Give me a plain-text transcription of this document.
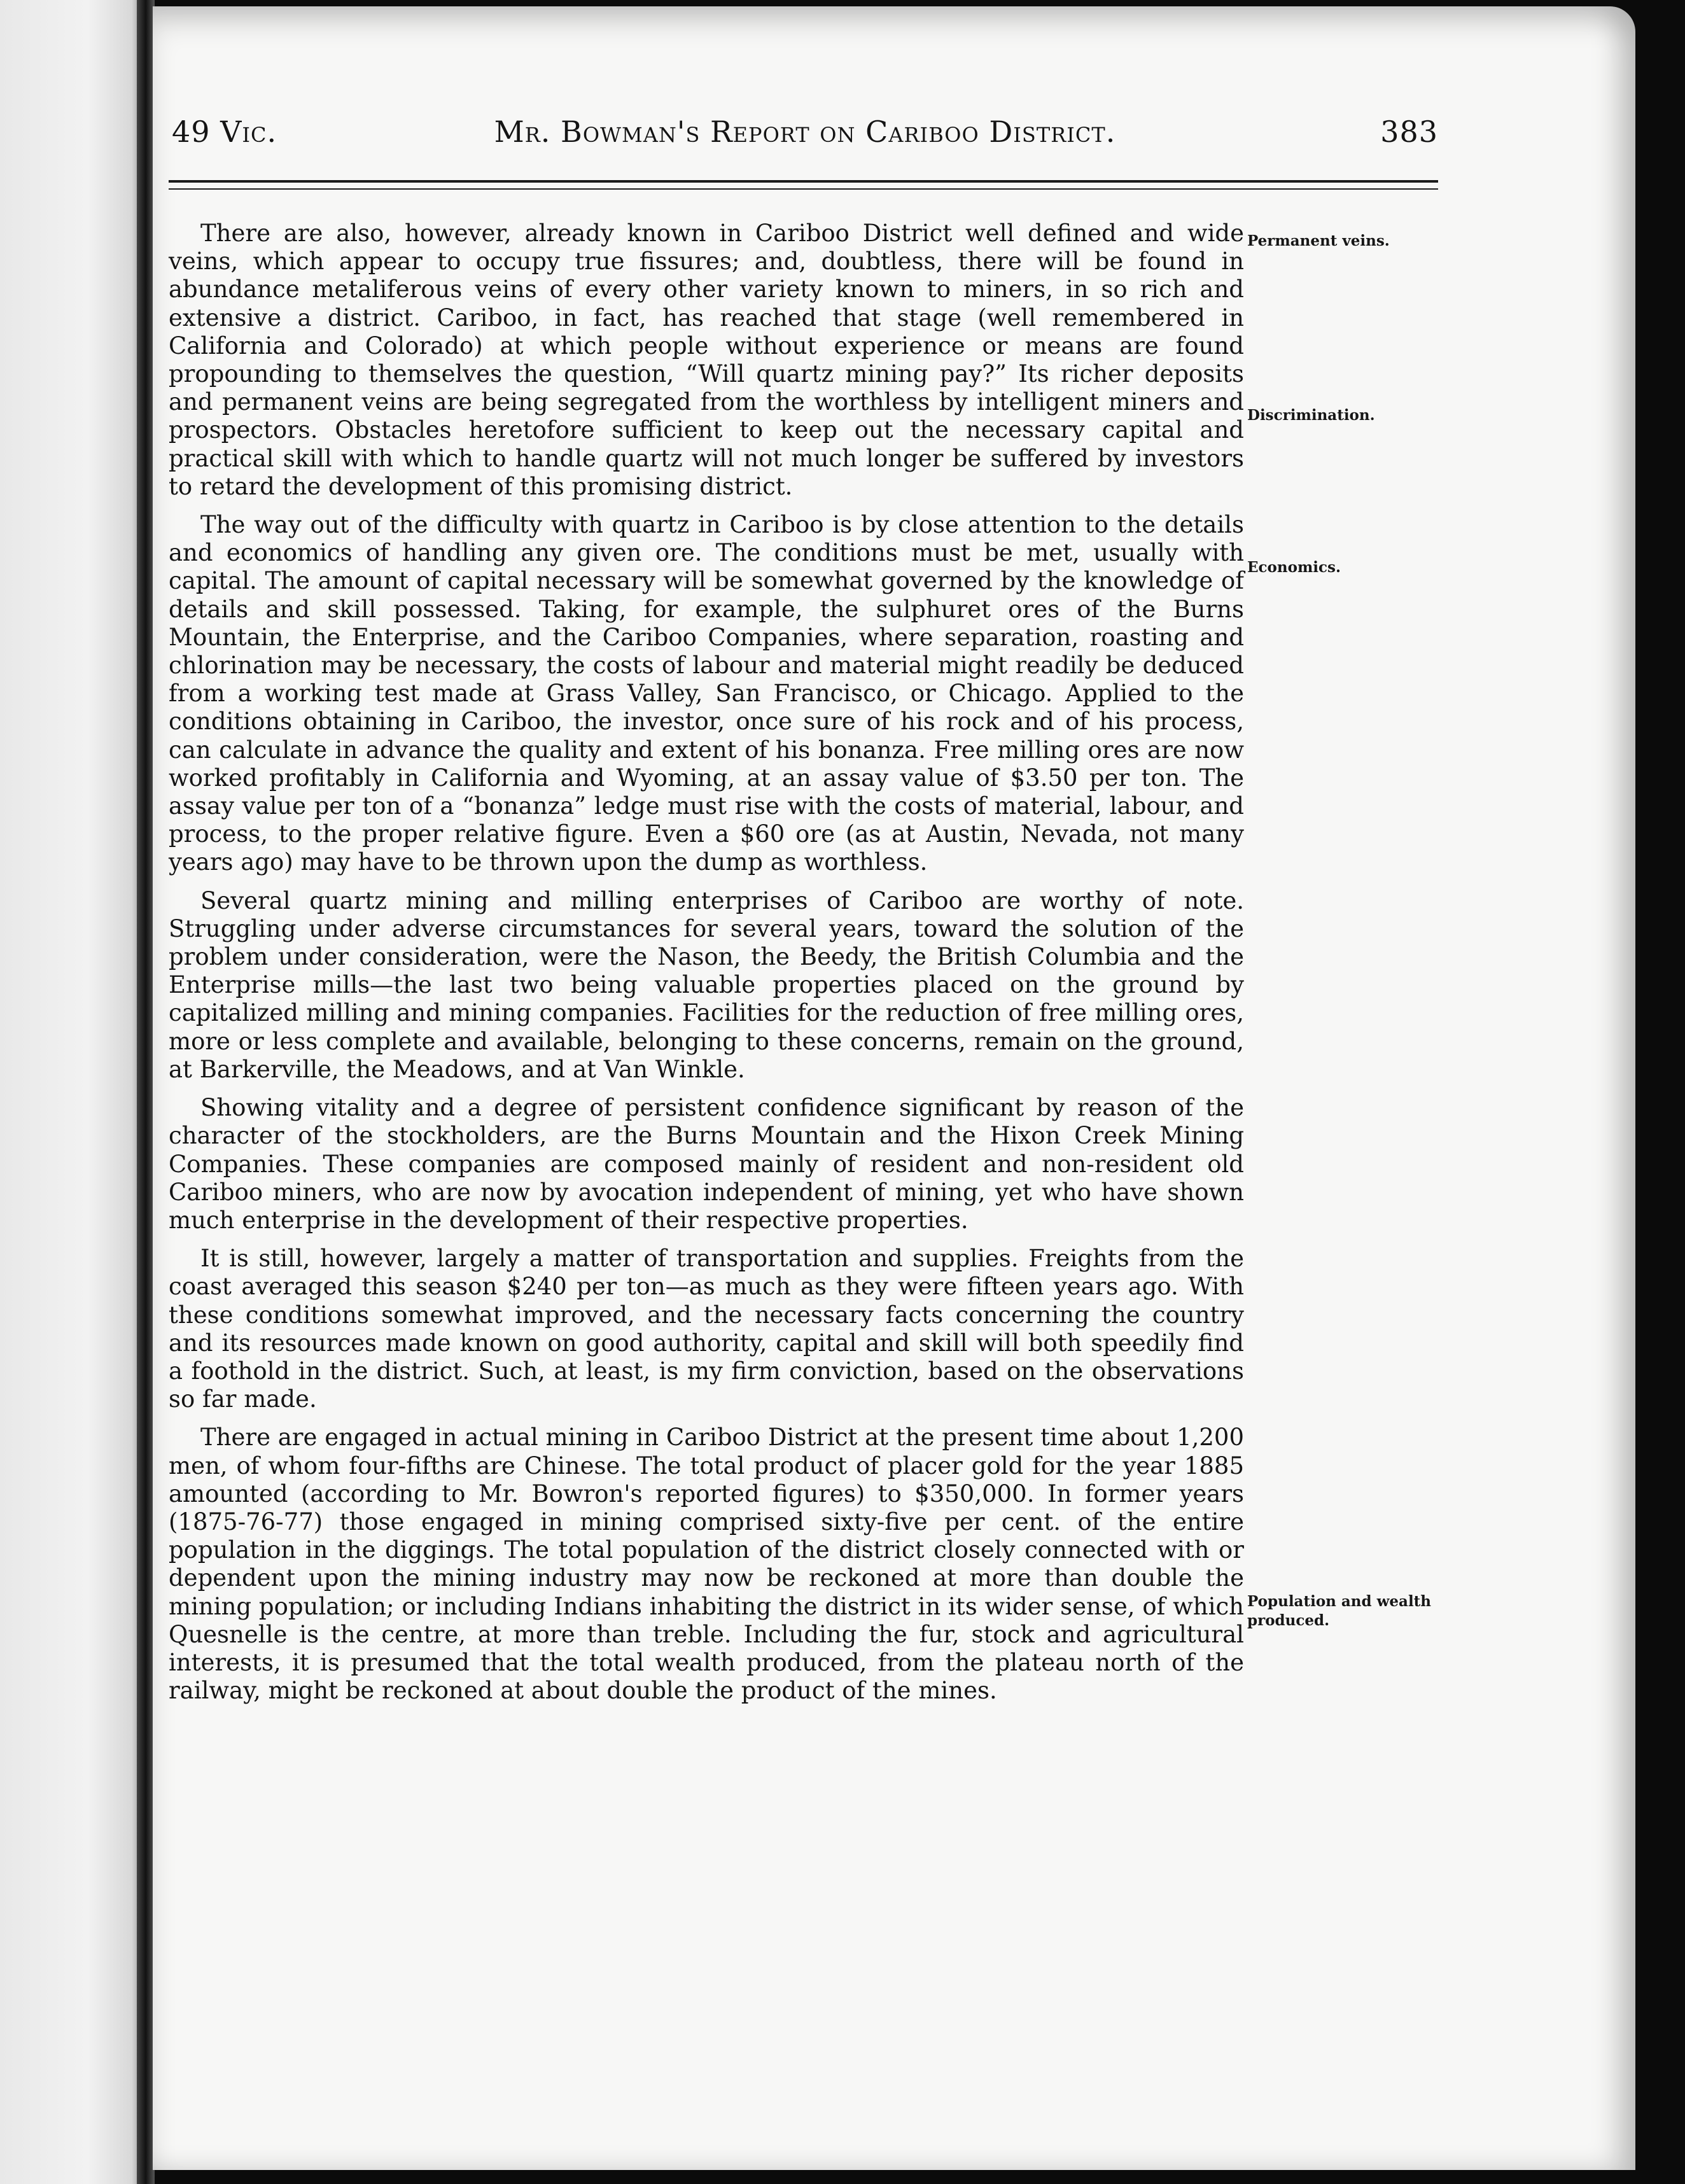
49 Vic.	Mr. Bowman's Report on Cariboo District.	383

There are also, however, already known in Cariboo District well defined and wide veins, which appear to occupy true fissures; and, doubtless, there will be found in abundance metaliferous veins of every other variety known to miners, in so rich and extensive a district. Cariboo, in fact, has reached that stage (well remembered in California and Colorado) at which people without experience or means are found propounding to themselves the question, “Will quartz mining pay?” Its richer deposits and permanent veins are being segregated from the worthless by intelligent miners and prospectors. Obstacles heretofore sufficient to keep out the necessary capital and practical skill with which to handle quartz will not much longer be suffered by investors to retard the development of this promising district.

The way out of the difficulty with quartz in Cariboo is by close attention to the details and economics of handling any given ore. The conditions must be met, usually with capital. The amount of capital necessary will be somewhat governed by the knowledge of details and skill possessed. Taking, for example, the sulphuret ores of the Burns Mountain, the Enterprise, and the Cariboo Companies, where separation, roasting and chlorination may be necessary, the costs of labour and material might readily be deduced from a working test made at Grass Valley, San Francisco, or Chicago. Applied to the conditions obtaining in Cariboo, the investor, once sure of his rock and of his process, can calculate in advance the quality and extent of his bonanza. Free milling ores are now worked profitably in California and Wyoming, at an assay value of $3.50 per ton. The assay value per ton of a “bonanza” ledge must rise with the costs of material, labour, and process, to the proper relative figure. Even a $60 ore (as at Austin, Nevada, not many years ago) may have to be thrown upon the dump as worthless.

Several quartz mining and milling enterprises of Cariboo are worthy of note. Struggling under adverse circumstances for several years, toward the solution of the problem under consideration, were the Nason, the Beedy, the British Columbia and the Enterprise mills—the last two being valuable properties placed on the ground by capitalized milling and mining companies. Facilities for the reduction of free milling ores, more or less complete and available, belonging to these concerns, remain on the ground, at Barkerville, the Meadows, and at Van Winkle.

Showing vitality and a degree of persistent confidence significant by reason of the character of the stockholders, are the Burns Mountain and the Hixon Creek Mining Companies. These companies are composed mainly of resident and non-resident old Cariboo miners, who are now by avocation independent of mining, yet who have shown much enterprise in the development of their respective properties.

It is still, however, largely a matter of transportation and supplies. Freights from the coast averaged this season $240 per ton—as much as they were fifteen years ago. With these conditions somewhat improved, and the necessary facts concerning the country and its resources made known on good authority, capital and skill will both speedily find a foothold in the district. Such, at least, is my firm conviction, based on the observations so far made.

There are engaged in actual mining in Cariboo District at the present time about 1,200 men, of whom four-fifths are Chinese. The total product of placer gold for the year 1885 amounted (according to Mr. Bowron's reported figures) to $350,000. In former years (1875-76-77) those engaged in mining comprised sixty-five per cent. of the entire population in the diggings. The total population of the district closely connected with or dependent upon the mining industry may now be reckoned at more than double the mining population; or including Indians inhabiting the district in its wider sense, of which Quesnelle is the centre, at more than treble. Including the fur, stock and agricultural interests, it is presumed that the total wealth produced, from the plateau north of the railway, might be reckoned at about double the product of the mines.

Permanent veins.
Discrimination.
Economics.
Population and wealth produced.
